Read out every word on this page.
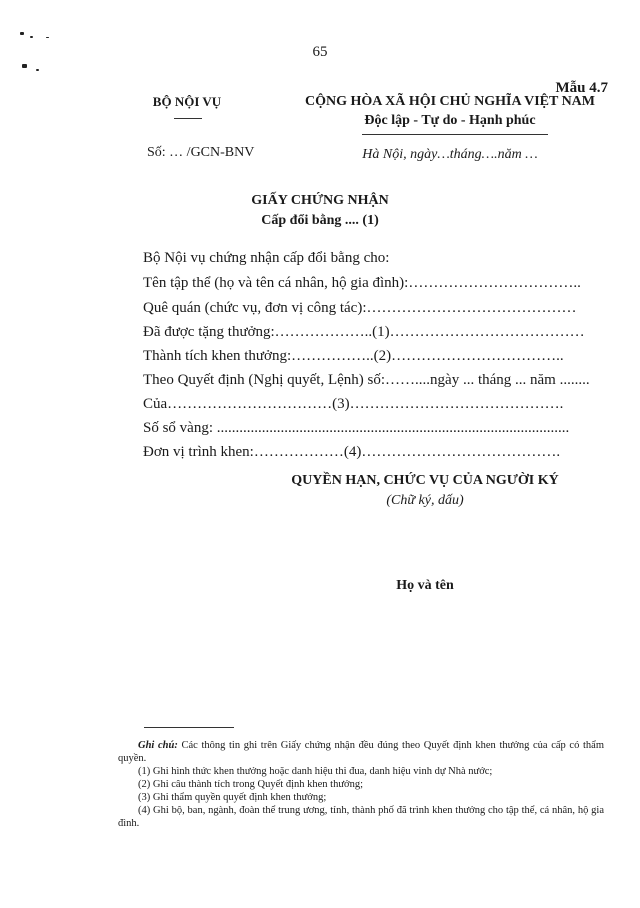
65
Mẫu 4.7
BỘ NỘI VỤ
Số: … /GCN-BNV
CỘNG HÒA XÃ HỘI CHỦ NGHĨA VIỆT NAM
Độc lập - Tự do - Hạnh phúc
Hà Nội, ngày…tháng….năm …
GIẤY CHỨNG NHẬN
Cấp đổi bằng .... (1)
Bộ Nội vụ chứng nhận cấp đổi bằng cho:
Tên tập thể (họ và tên cá nhân, hộ gia đình):……………………………..
Quê quán (chức vụ, đơn vị công tác):……………………………………
Đã được tặng thưởng:………………..(1)…………………………………
Thành tích khen thưởng:……………..(2)……………………………..
Theo Quyết định (Nghị quyết, Lệnh) số:……....ngày ... tháng ... năm ........
Của……………………………(3)…………………………………….
Số sổ vàng: ..............................................................................................
Đơn vị trình khen:………………(4)………………………………….
QUYỀN HẠN, CHỨC VỤ CỦA NGƯỜI KÝ
(Chữ ký, dấu)
Họ và tên

Ghi chú: Các thông tin ghi trên Giấy chứng nhận đều đúng theo Quyết định khen thưởng của cấp có thẩm quyền.

(1) Ghi hình thức khen thưởng hoặc danh hiệu thi đua, danh hiệu vinh dự Nhà nước;

(2) Ghi câu thành tích trong Quyết định khen thưởng;

(3) Ghi thẩm quyền quyết định khen thưởng;

(4) Ghi bộ, ban, ngành, đoàn thể trung ương, tỉnh, thành phố đã trình khen thưởng cho tập thể, cá nhân, hộ gia đình.
